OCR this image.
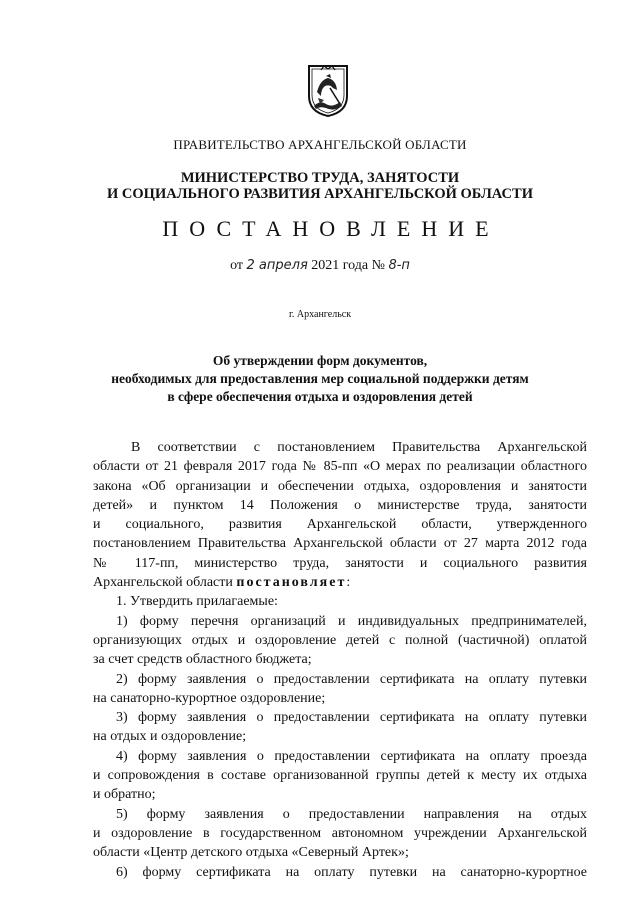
ПРАВИТЕЛЬСТВО АРХАНГЕЛЬСКОЙ ОБЛАСТИ
МИНИСТЕРСТВО ТРУДА, ЗАНЯТОСТИ
И СОЦИАЛЬНОГО РАЗВИТИЯ АРХАНГЕЛЬСКОЙ ОБЛАСТИ
ПОСТАНОВЛЕНИЕ
от 2 апреля 2021 года № 8-п
г. Архангельск
Об утверждении форм документов,
необходимых для предоставления мер социальной поддержки детям
в сфере обеспечения отдыха и оздоровления детей

В соответствии с постановлением Правительства Архангельской

области от 21 февраля 2017 года № 85-пп «О мерах по реализации областного

закона «Об организации и обеспечении отдыха, оздоровления и занятости

детей» и пунктом 14 Положения о министерстве труда, занятости

и социального, развития Архангельской области, утвержденного

постановлением Правительства Архангельской области от 27 марта 2012 года

№ 117-пп, министерство труда, занятости и социального развития

Архангельской области постановляет:

1. Утвердить прилагаемые:

1) форму перечня организаций и индивидуальных предпринимателей,

организующих отдых и оздоровление детей с полной (частичной) оплатой

за счет средств областного бюджета;

2) форму заявления о предоставлении сертификата на оплату путевки

на санаторно-курортное оздоровление;

3) форму заявления о предоставлении сертификата на оплату путевки

на отдых и оздоровление;

4) форму заявления о предоставлении сертификата на оплату проезда

и сопровождения в составе организованной группы детей к месту их отдыха

и обратно;

5) форму заявления о предоставлении направления на отдых

и оздоровление в государственном автономном учреждении Архангельской

области «Центр детского отдыха «Северный Артек»;

6) форму сертификата на оплату путевки на санаторно-курортное
